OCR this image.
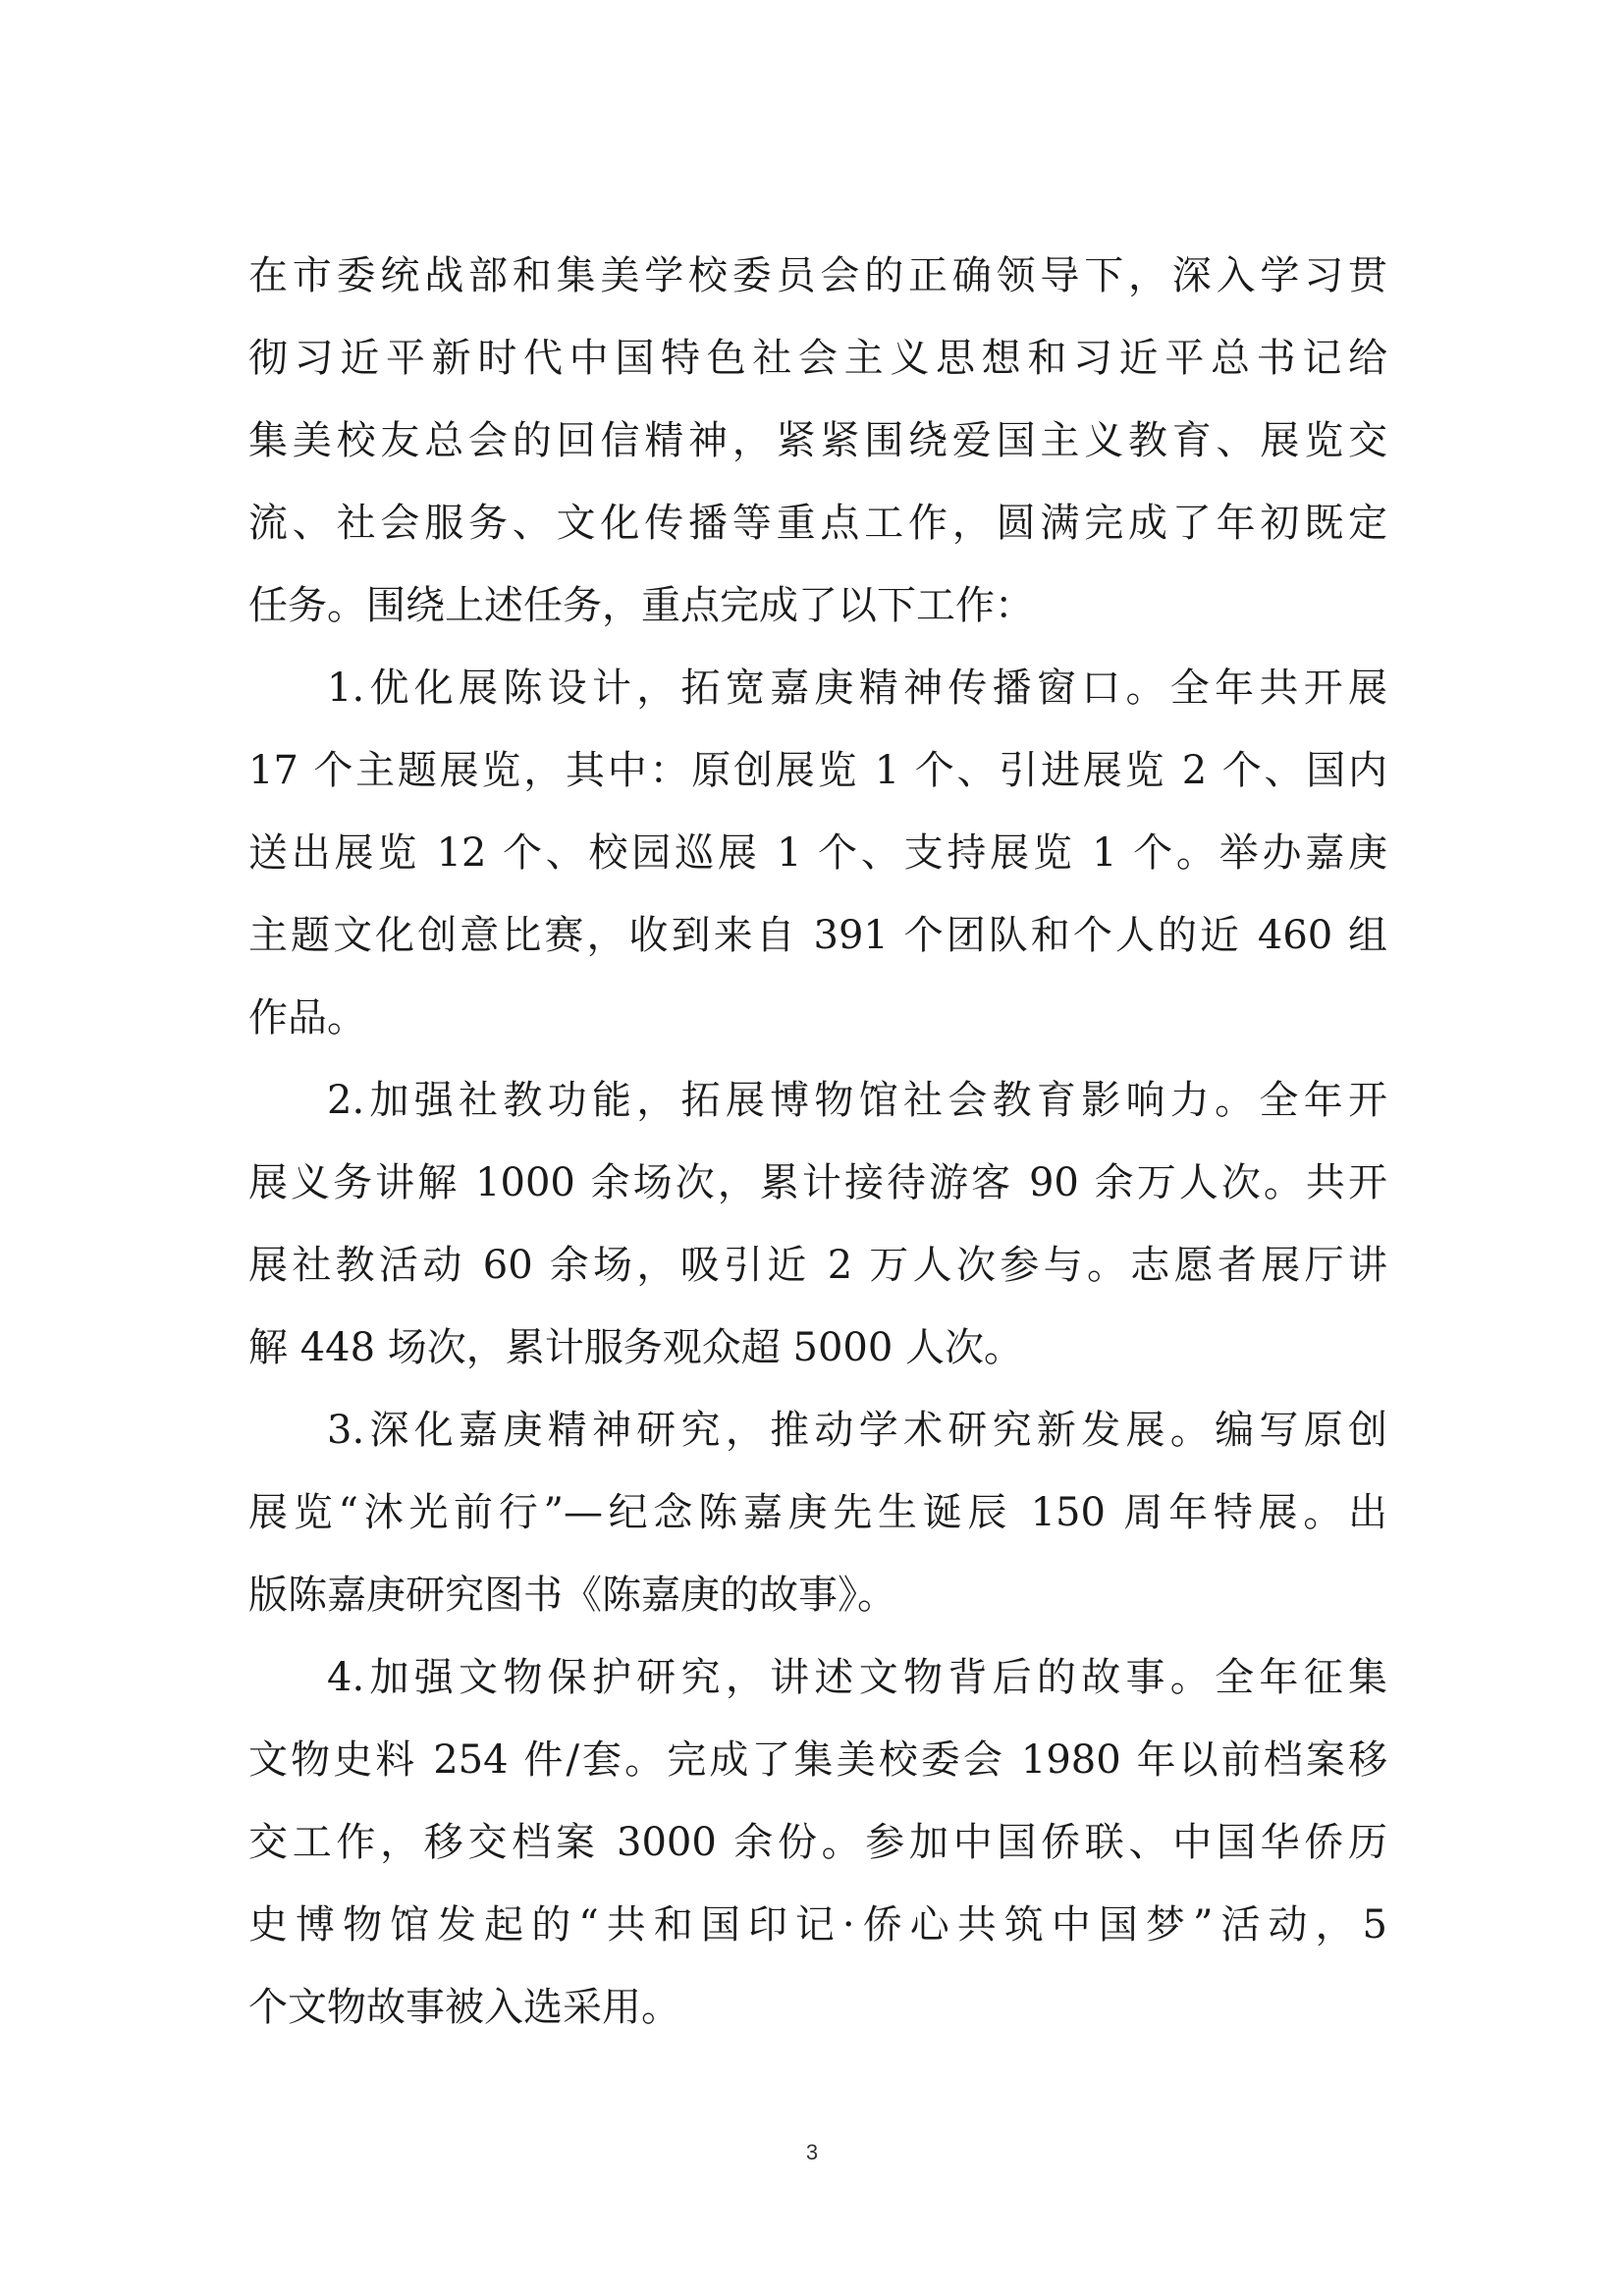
在市委统战部和集美学校委员会的正确领导下，深入学习贯
彻习近平新时代中国特色社会主义思想和习近平总书记给
集美校友总会的回信精神，紧紧围绕爱国主义教育、展览交
流、社会服务、文化传播等重点工作，圆满完成了年初既定
任务。围绕上述任务，重点完成了以下工作：
1.优化展陈设计，拓宽嘉庚精神传播窗口。全年共开展
17 个主题展览，其中：原创展览 1 个、引进展览 2 个、国内
送出展览 12 个、校园巡展 1 个、支持展览 1 个。举办嘉庚
主题文化创意比赛，收到来自 391 个团队和个人的近 460 组
作品。
2.加强社教功能，拓展博物馆社会教育影响力。全年开
展义务讲解 1000 余场次，累计接待游客 90 余万人次。共开
展社教活动 60 余场，吸引近 2 万人次参与。志愿者展厅讲
解 448 场次，累计服务观众超 5000 人次。
3.深化嘉庚精神研究，推动学术研究新发展。编写原创
展览“沐光前行”—纪念陈嘉庚先生诞辰 150 周年特展。出
版陈嘉庚研究图书《陈嘉庚的故事》。
4.加强文物保护研究，讲述文物背后的故事。全年征集
文物史料 254 件/套。完成了集美校委会 1980 年以前档案移
交工作，移交档案 3000 余份。参加中国侨联、中国华侨历
史博物馆发起的“共和国印记·侨心共筑中国梦”活动，5
个文物故事被入选采用。
3
